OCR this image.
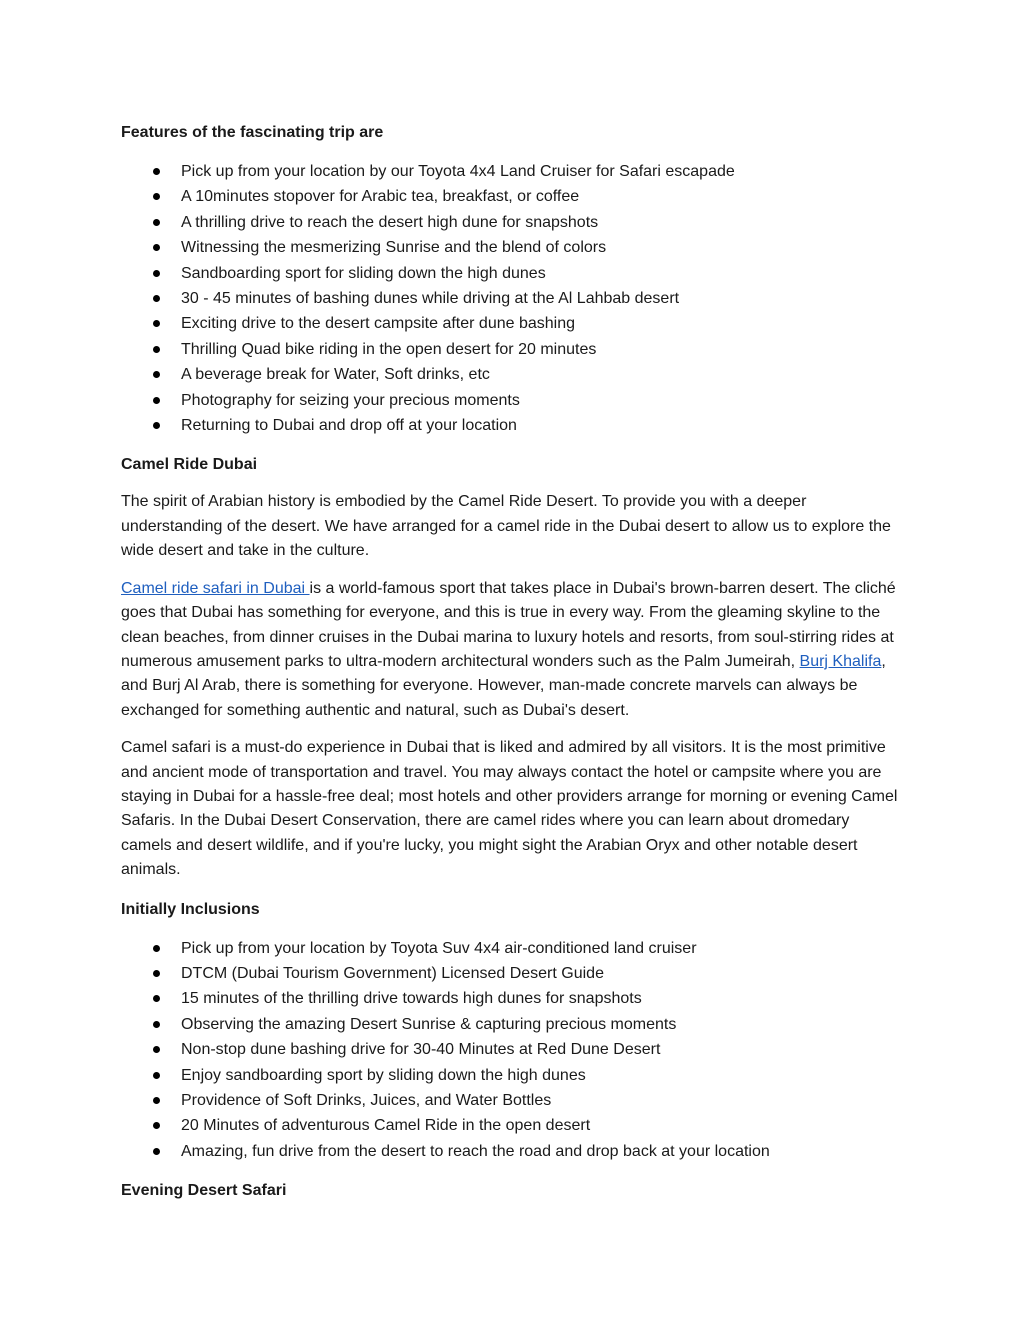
Features of the fascinating trip are
Pick up from your location by our Toyota 4x4 Land Cruiser for Safari escapade
A 10minutes stopover for Arabic tea, breakfast, or coffee
A thrilling drive to reach the desert high dune for snapshots
Witnessing the mesmerizing Sunrise and the blend of colors
Sandboarding sport for sliding down the high dunes
30 - 45 minutes of bashing dunes while driving at the Al Lahbab desert
Exciting drive to the desert campsite after dune bashing
Thrilling Quad bike riding in the open desert for 20 minutes
A beverage break for Water, Soft drinks, etc
Photography for seizing your precious moments
Returning to Dubai and drop off at your location
Camel Ride Dubai

The spirit of Arabian history is embodied by the Camel Ride Desert. To provide you with a deeper understanding of the desert. We have arranged for a camel ride in the Dubai desert to allow us to explore the wide desert and take in the culture.

Camel ride safari in Dubai is a world-famous sport that takes place in Dubai's brown-barren desert. The cliché goes that Dubai has something for everyone, and this is true in every way. From the gleaming skyline to the clean beaches, from dinner cruises in the Dubai marina to luxury hotels and resorts, from soul-stirring rides at numerous amusement parks to ultra-modern architectural wonders such as the Palm Jumeirah, Burj Khalifa, and Burj Al Arab, there is something for everyone. However, man-made concrete marvels can always be exchanged for something authentic and natural, such as Dubai's desert.

Camel safari is a must-do experience in Dubai that is liked and admired by all visitors. It is the most primitive and ancient mode of transportation and travel. You may always contact the hotel or campsite where you are staying in Dubai for a hassle-free deal; most hotels and other providers arrange for morning or evening Camel Safaris. In the Dubai Desert Conservation, there are camel rides where you can learn about dromedary camels and desert wildlife, and if you're lucky, you might sight the Arabian Oryx and other notable desert animals.

Initially Inclusions
Pick up from your location by Toyota Suv 4x4 air-conditioned land cruiser
DTCM (Dubai Tourism Government) Licensed Desert Guide
15 minutes of the thrilling drive towards high dunes for snapshots
Observing the amazing Desert Sunrise & capturing precious moments
Non-stop dune bashing drive for 30-40 Minutes at Red Dune Desert
Enjoy sandboarding sport by sliding down the high dunes
Providence of Soft Drinks, Juices, and Water Bottles
20 Minutes of adventurous Camel Ride in the open desert
Amazing, fun drive from the desert to reach the road and drop back at your location
Evening Desert Safari
